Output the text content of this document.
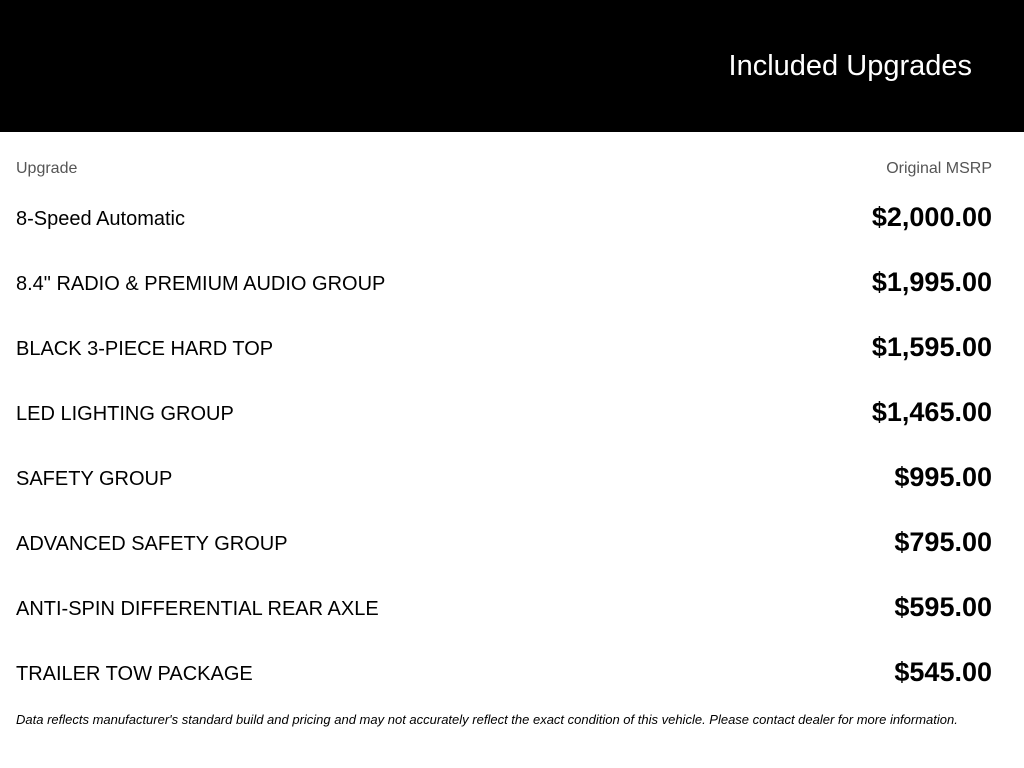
Included Upgrades
Upgrade	Original MSRP
8-Speed Automatic	$2,000.00
8.4" RADIO & PREMIUM AUDIO GROUP	$1,995.00
BLACK 3-PIECE HARD TOP	$1,595.00
LED LIGHTING GROUP	$1,465.00
SAFETY GROUP	$995.00
ADVANCED SAFETY GROUP	$795.00
ANTI-SPIN DIFFERENTIAL REAR AXLE	$595.00
TRAILER TOW PACKAGE	$545.00

Data reflects manufacturer's standard build and pricing and may not accurately reflect the exact condition of this vehicle. Please contact dealer for more information.
